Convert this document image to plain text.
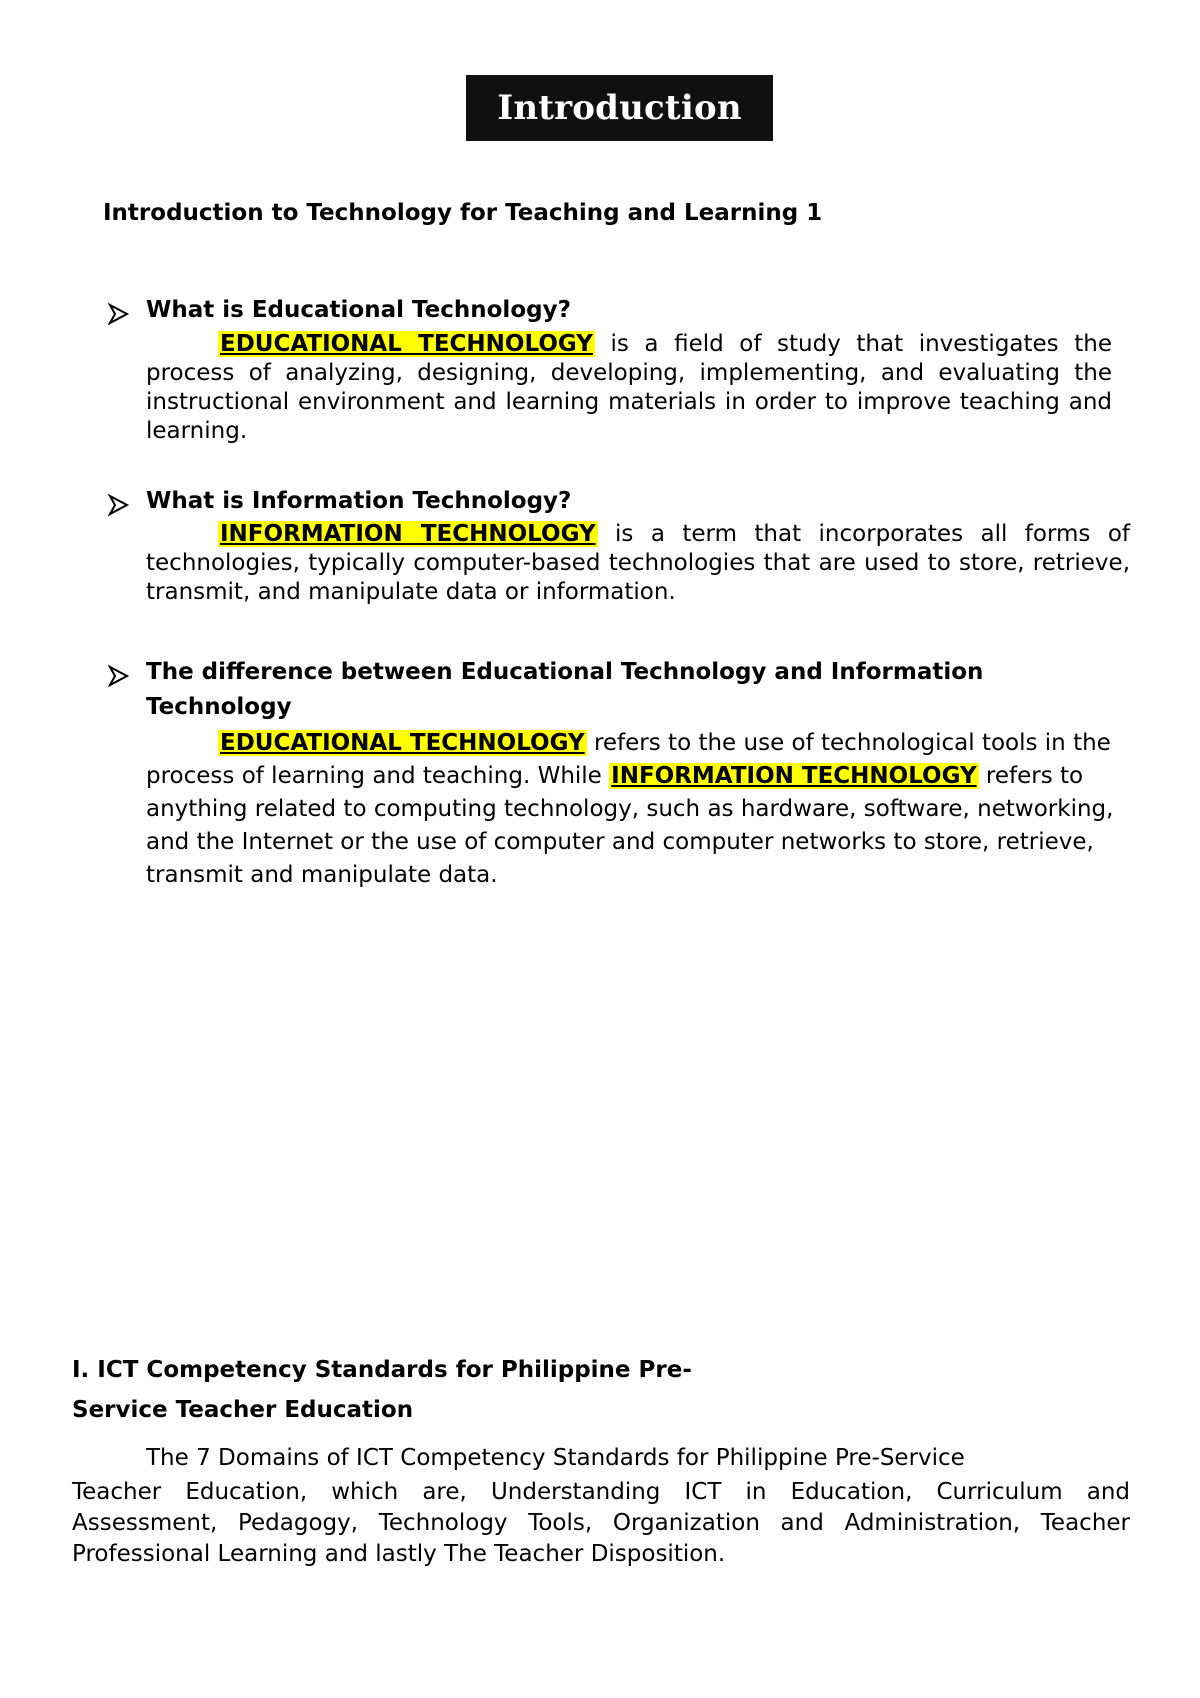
Introduction
Introduction to Technology for Teaching and Learning 1
What is Educational Technology?
EDUCATIONAL TECHNOLOGY is a field of study that investigates the process of analyzing, designing, developing, implementing, and evaluating the instructional environment and learning materials in order to improve teaching and learning.
What is Information Technology?
INFORMATION TECHNOLOGY is a term that incorporates all forms of technologies, typically computer-based technologies that are used to store, retrieve, transmit, and manipulate data or information.
The difference between Educational Technology and Information
Technology
EDUCATIONAL TECHNOLOGY refers to the use of technological tools in the process of learning and teaching. While INFORMATION TECHNOLOGY refers to anything related to computing technology, such as hardware, software, networking, and the Internet or the use of computer and computer networks to store, retrieve, transmit and manipulate data.
I. ICT Competency Standards for Philippine Pre-
Service Teacher Education
The 7 Domains of ICT Competency Standards for Philippine Pre-Service
Teacher Education, which are, Understanding ICT in Education, Curriculum and Assessment, Pedagogy, Technology Tools, Organization and Administration, Teacher Professional Learning and lastly The Teacher Disposition.
